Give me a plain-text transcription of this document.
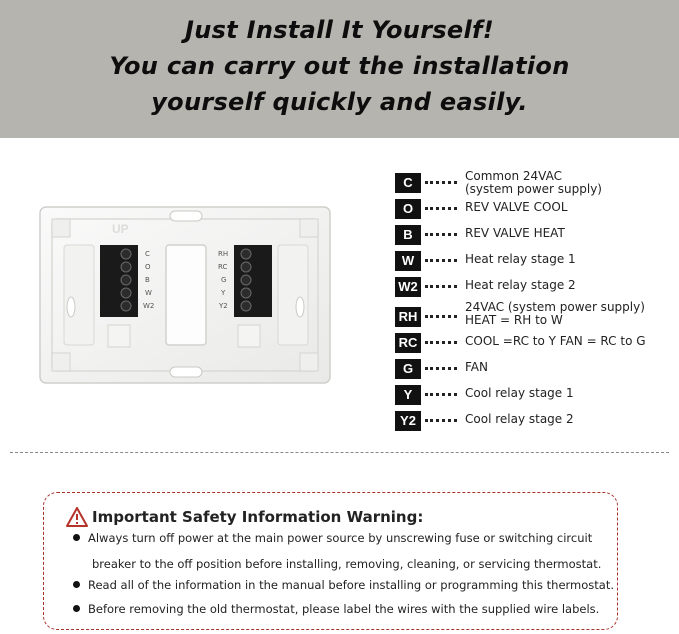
Just Install It Yourself!
You can carry out the installation
yourself quickly and easily.
UP
C
O
B
W
W2
RH
RC
G
Y
Y2
C	Common 24VAC
(system power supply)
O	REV VALVE COOL
B	REV VALVE HEAT
W	Heat relay stage 1
W2	Heat relay stage 2
RH
24VAC (system power supply)
HEAT = RH to W
RC	COOL =RC to Y FAN = RC to G
G	FAN
Y	Cool relay stage 1
Y2	Cool relay stage 2
Important Safety Information Warning:
Always turn off power at the main power source by unscrewing fuse or switching circuit
breaker to the off position before installing, removing, cleaning, or servicing thermostat.
Read all of the information in the manual before installing or programming this thermostat.
Before removing the old thermostat, please label the wires with the supplied wire labels.
